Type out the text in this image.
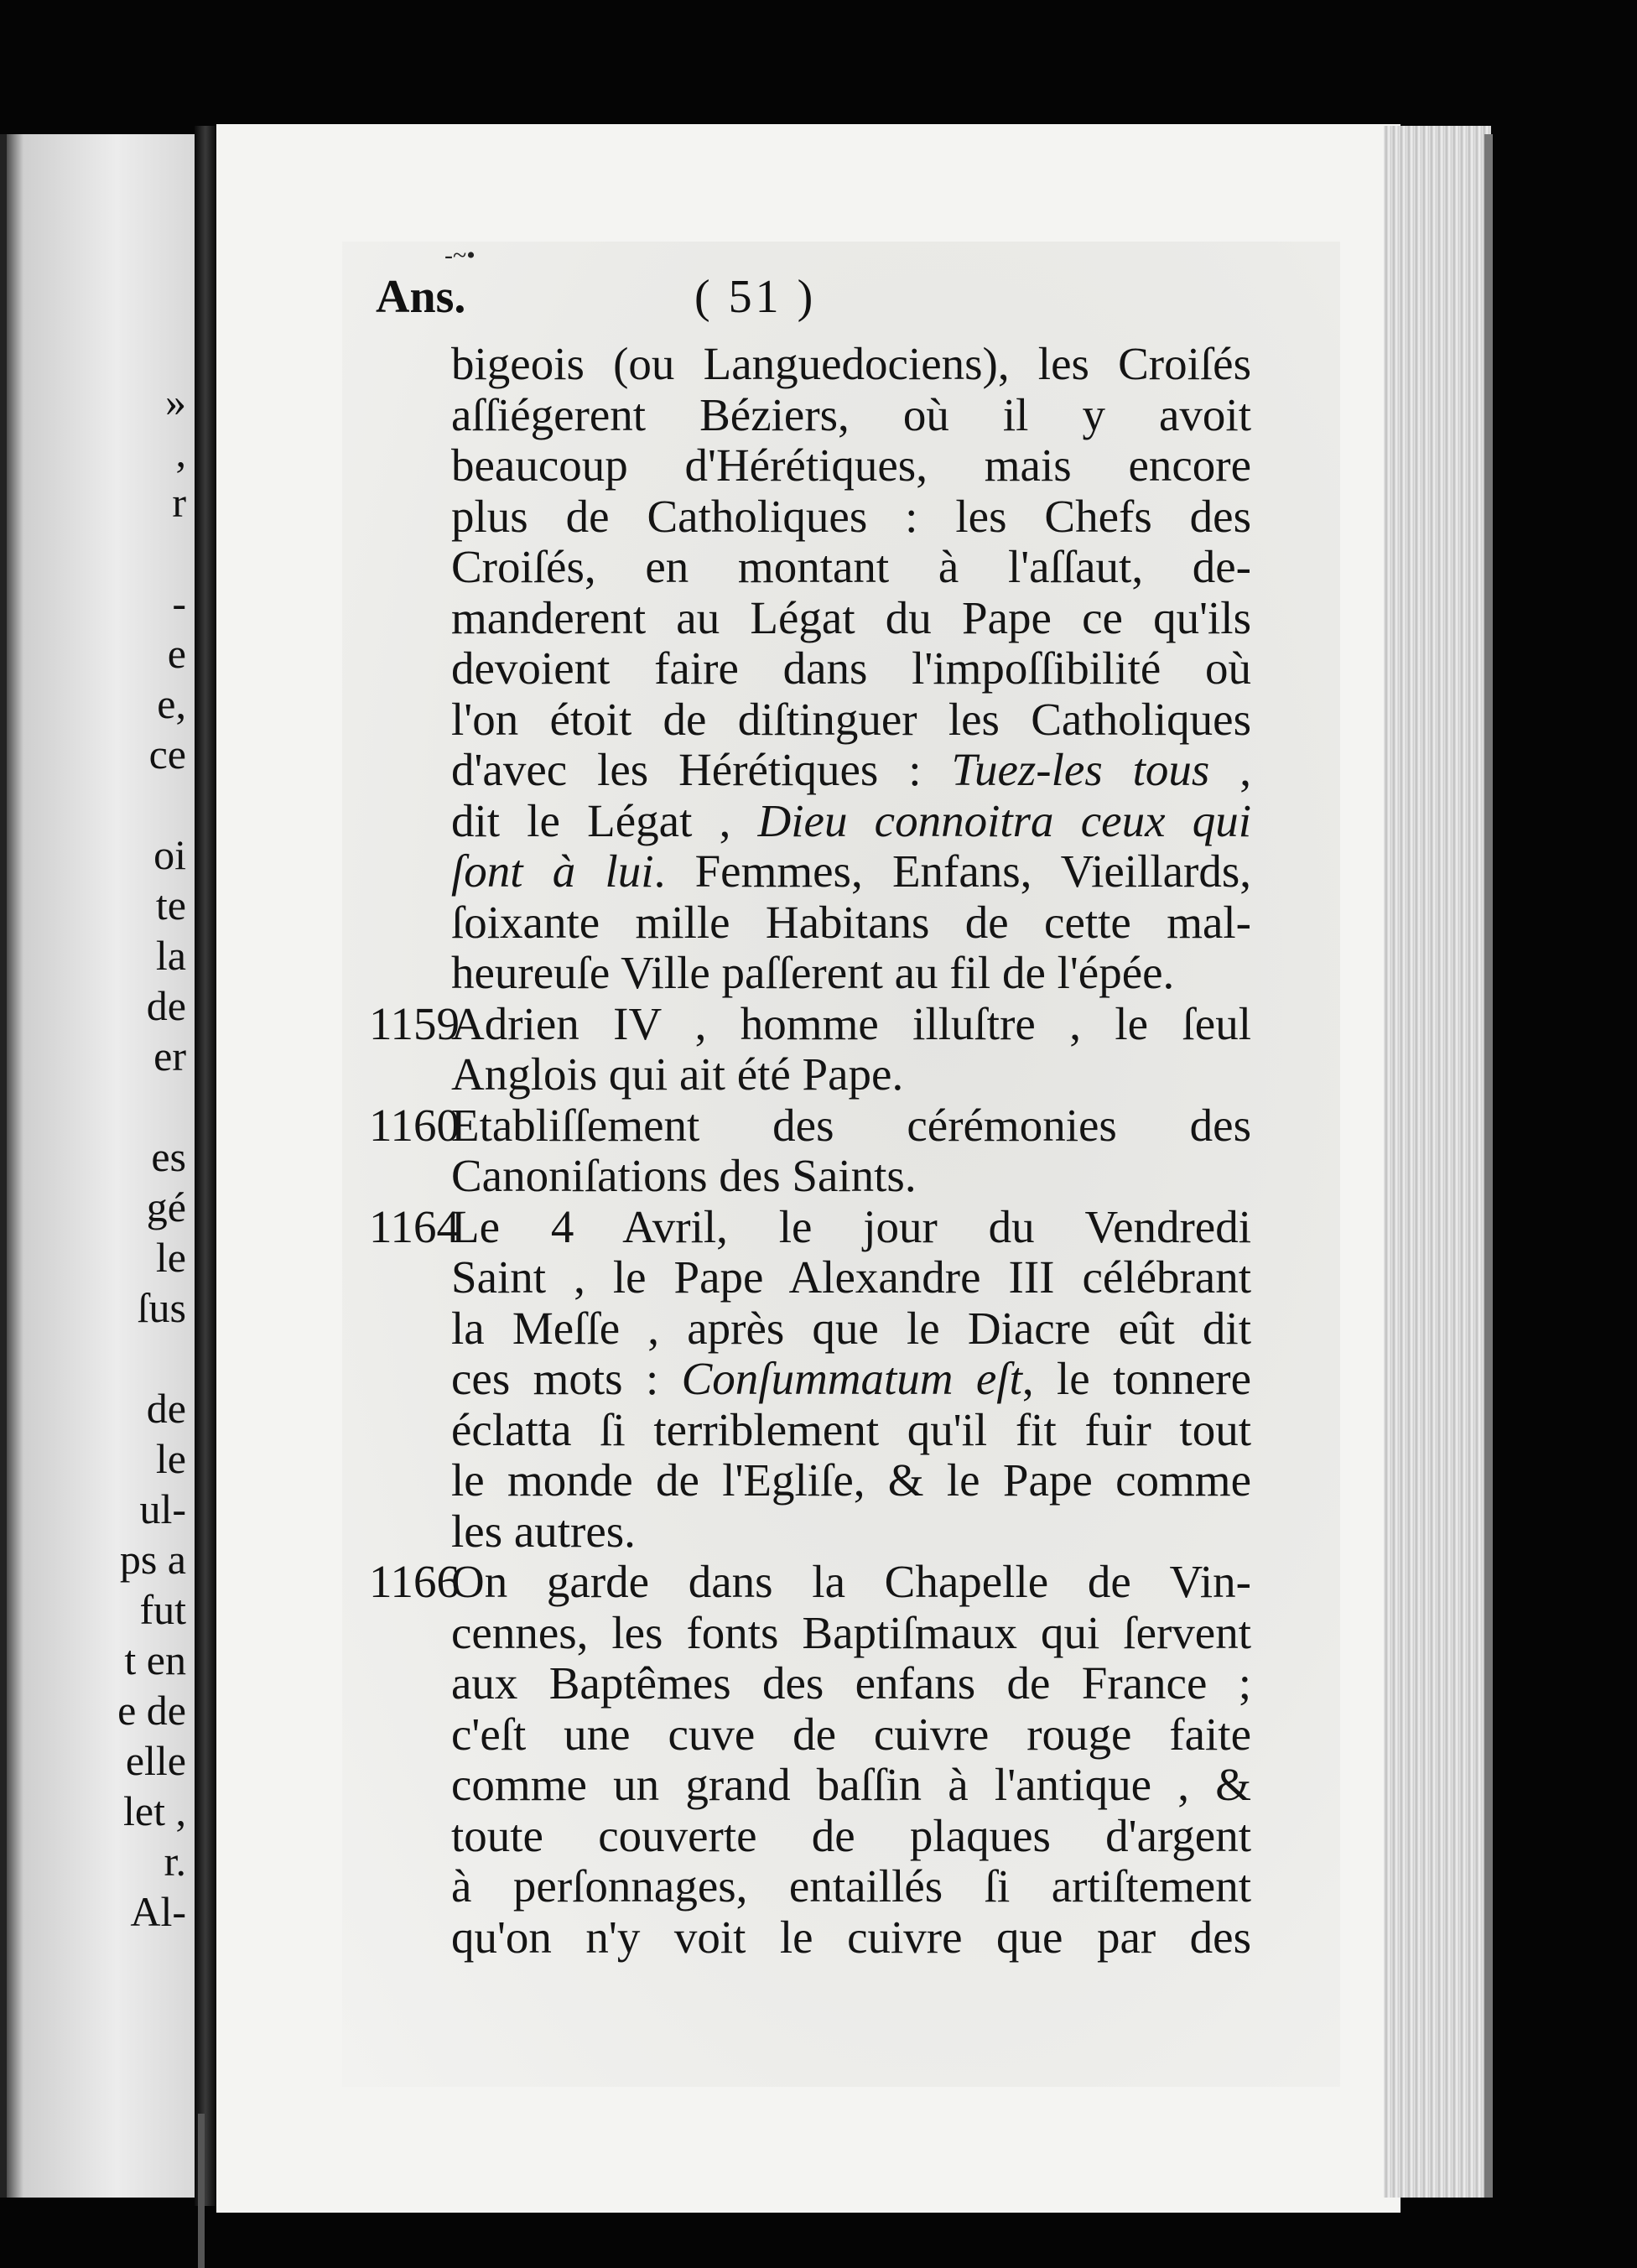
»
,
r
-
e
e,
ce
oi
te
la
de
er
es
gé
le
ſus
de
le
ul-
ps a
fut
t en
e de
elle
let ,
r.
Al-
-~•
Ans.	( 51 )
bigeois (ou Languedociens), les Croiſés
aſſiégerent Béziers, où il y avoit
beaucoup d'Hérétiques, mais encore
plus de Catholiques : les Chefs des
Croiſés, en montant à l'aſſaut, de-
manderent au Légat du Pape ce qu'ils
devoient faire dans l'impoſſibilité où
l'on étoit de diſtinguer les Catholiques
d'avec les Hérétiques : Tuez-les tous ,
dit le Légat , Dieu connoitra ceux qui
ſont à lui. Femmes, Enfans, Vieillards,
ſoixante mille Habitans de cette mal-
heureuſe Ville paſſerent au fil de l'épée.
1159Adrien IV , homme illuſtre , le ſeul
Anglois qui ait été Pape.
1160Etabliſſement des cérémonies des
Canoniſations des Saints.
1164Le 4 Avril, le jour du Vendredi
Saint , le Pape Alexandre III célébrant
la Meſſe , après que le Diacre eût dit
ces mots : Conſummatum eſt, le tonnere
éclatta ſi terriblement qu'il fit fuir tout
le monde de l'Egliſe, & le Pape comme
les autres.
1166On garde dans la Chapelle de Vin-
cennes, les fonts Baptiſmaux qui ſervent
aux Baptêmes des enfans de France ;
c'eſt une cuve de cuivre rouge faite
comme un grand baſſin à l'antique , &
toute couverte de plaques d'argent
à perſonnages, entaillés ſi artiſtement
qu'on n'y voit le cuivre que par des
